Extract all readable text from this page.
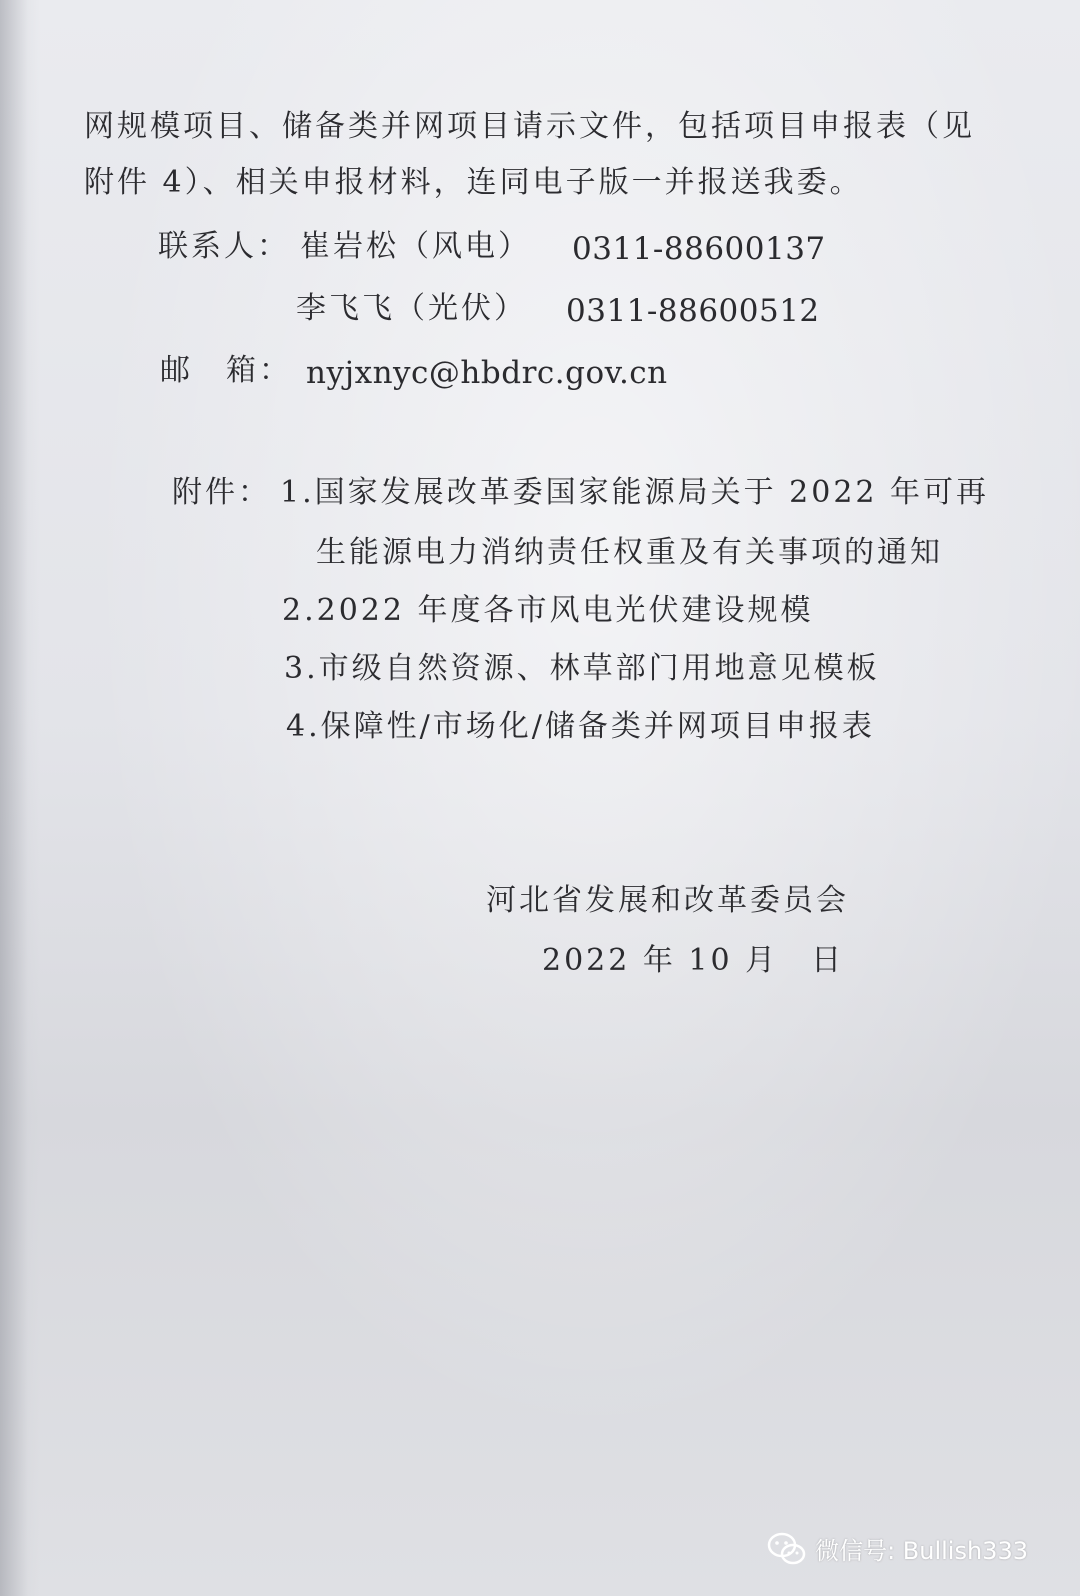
网规模项目、储备类并网项目请示文件，包括项目申报表（见
附件 4）、相关申报材料，连同电子版一并报送我委。
联系人： 崔岩松（风电） 0311-88600137
李飞飞（光伏） 0311-88600512
邮　箱： nyjxnyc@hbdrc.gov.cn
附件： 1.国家发展改革委国家能源局关于 2022 年可再
生能源电力消纳责任权重及有关事项的通知
2.2022 年度各市风电光伏建设规模
3.市级自然资源、林草部门用地意见模板
4.保障性/市场化/储备类并网项目申报表
河北省发展和改革委员会
2022 年 10 月　日
微信号: Bullish333
